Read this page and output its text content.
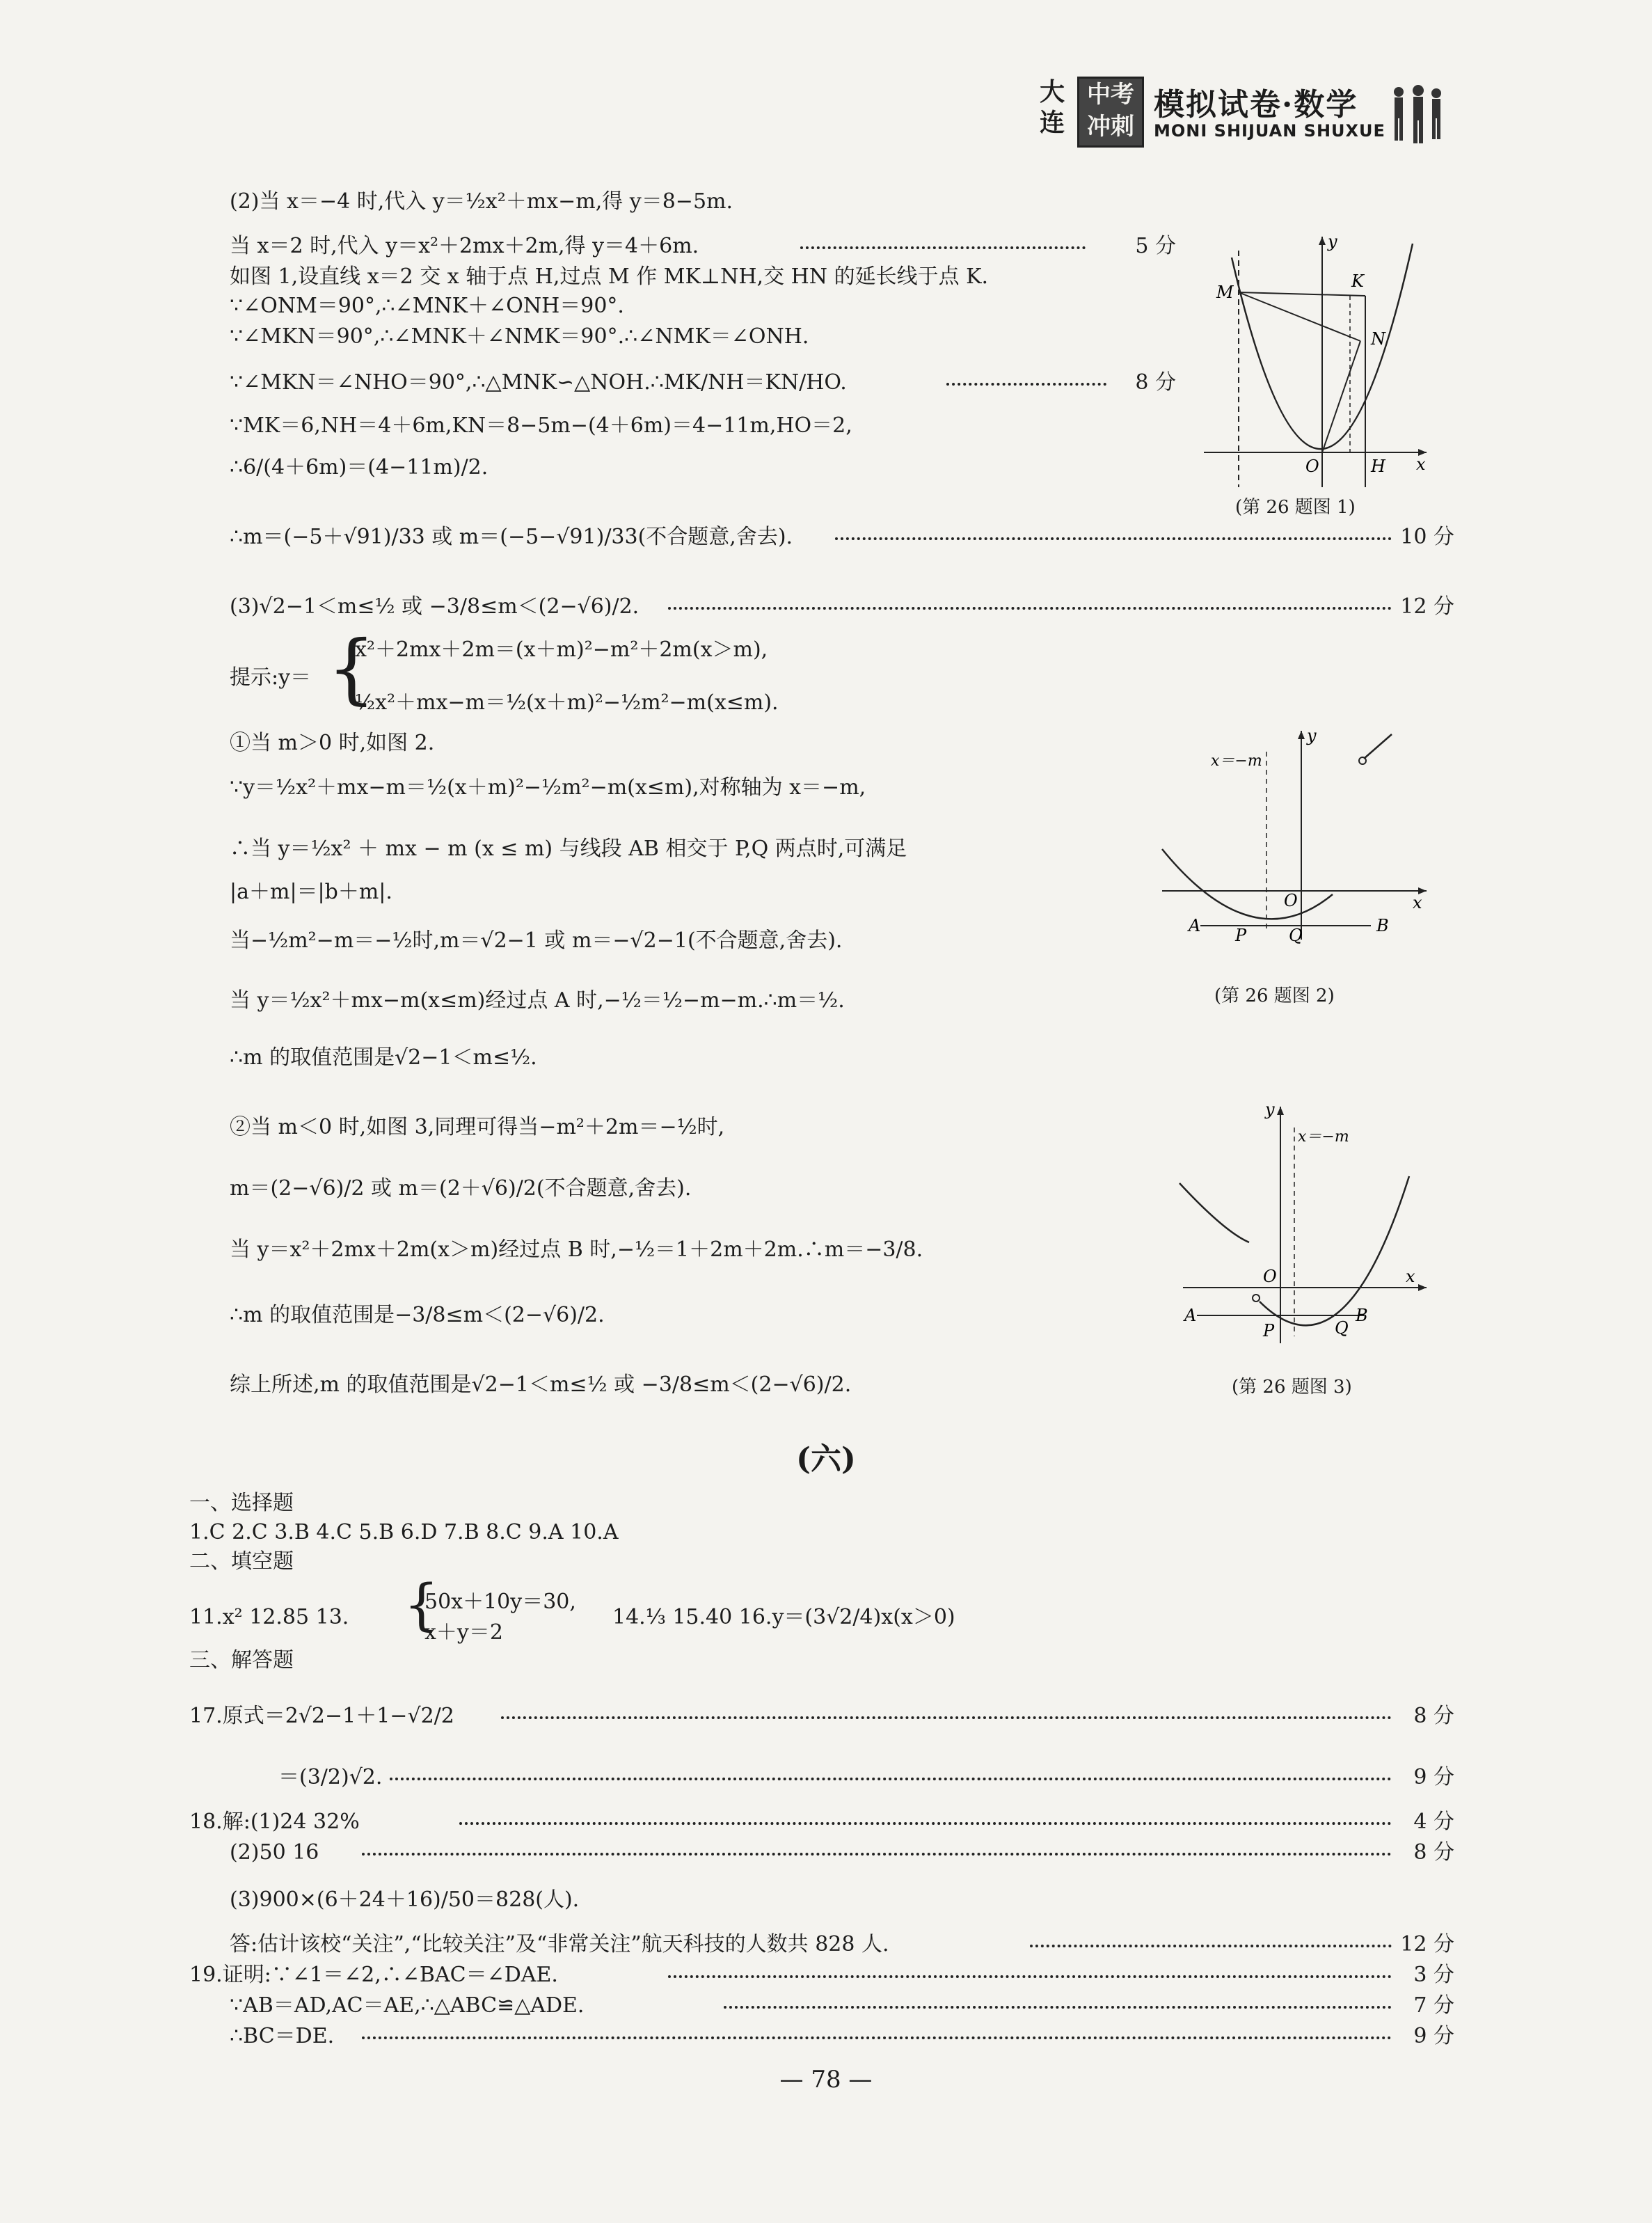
大
连
中考
冲刺
模拟试卷·数学
MONI SHIJUAN SHUXUE
(2)当 x＝−4 时,代入 y＝½x²＋mx−m,得 y＝8−5m.
当 x＝2 时,代入 y＝x²＋2mx＋2m,得 y＝4＋6m.	5 分
如图 1,设直线 x＝2 交 x 轴于点 H,过点 M 作 MK⊥NH,交 HN 的延长线于点 K.
∵∠ONM＝90°,∴∠MNK＋∠ONH＝90°.
∵∠MKN＝90°,∴∠MNK＋∠NMK＝90°.∴∠NMK＝∠ONH.
∵∠MKN＝∠NHO＝90°,∴△MNK∽△NOH.∴MK/NH＝KN/HO.	8 分
∵MK＝6,NH＝4＋6m,KN＝8−5m−(4＋6m)＝4−11m,HO＝2,
∴6/(4＋6m)＝(4−11m)/2.
∴m＝(−5＋√91)/33 或 m＝(−5−√91)/33(不合题意,舍去).	10 分
y
x
O	H
M
K
N
(第 26 题图 1)
(3)√2−1＜m≤½ 或 −3/8≤m＜(2−√6)/2.	12 分
提示:y＝ {
x²＋2mx＋2m＝(x＋m)²−m²＋2m(x＞m),
½x²＋mx−m＝½(x＋m)²−½m²−m(x≤m).
①当 m＞0 时,如图 2.
∵y＝½x²＋mx−m＝½(x＋m)²−½m²−m(x≤m),对称轴为 x＝−m,
∴当 y＝½x² ＋ mx − m (x ≤ m) 与线段 AB 相交于 P,Q 两点时,可满足
|a＋m|＝|b＋m|.
当−½m²−m＝−½时,m＝√2−1 或 m＝−√2−1(不合题意,舍去).
当 y＝½x²＋mx−m(x≤m)经过点 A 时,−½＝½−m−m.∴m＝½.
∴m 的取值范围是√2−1＜m≤½.
y
x
O
x＝−m
A	B
P	Q
(第 26 题图 2)
②当 m＜0 时,如图 3,同理可得当−m²＋2m＝−½时,
m＝(2−√6)/2 或 m＝(2＋√6)/2(不合题意,舍去).
当 y＝x²＋2mx＋2m(x＞m)经过点 B 时,−½＝1＋2m＋2m.∴m＝−3/8.
∴m 的取值范围是−3/8≤m＜(2−√6)/2.
综上所述,m 的取值范围是√2−1＜m≤½ 或 −3/8≤m＜(2−√6)/2.
y
x
O
x＝−m
A	B
P	Q
(第 26 题图 3)
(六)
一、选择题
1.C 2.C 3.B 4.C 5.B 6.D 7.B 8.C 9.A 10.A
二、填空题
11.x² 12.85 13. {
50x＋10y＝30,
x＋y＝2
14.⅓ 15.40 16.y＝(3√2/4)x(x＞0)
三、解答题
17.原式＝2√2−1＋1−√2/2	8 分
＝(3/2)√2.	9 分
18.解:(1)24 32%	4 分
(2)50 16	8 分
(3)900×(6＋24＋16)/50＝828(人).
答:估计该校“关注”,“比较关注”及“非常关注”航天科技的人数共 828 人.	12 分
19.证明:∵∠1＝∠2,∴∠BAC＝∠DAE.	3 分
∵AB＝AD,AC＝AE,∴△ABC≌△ADE.	7 分
∴BC＝DE.	9 分
— 78 —
